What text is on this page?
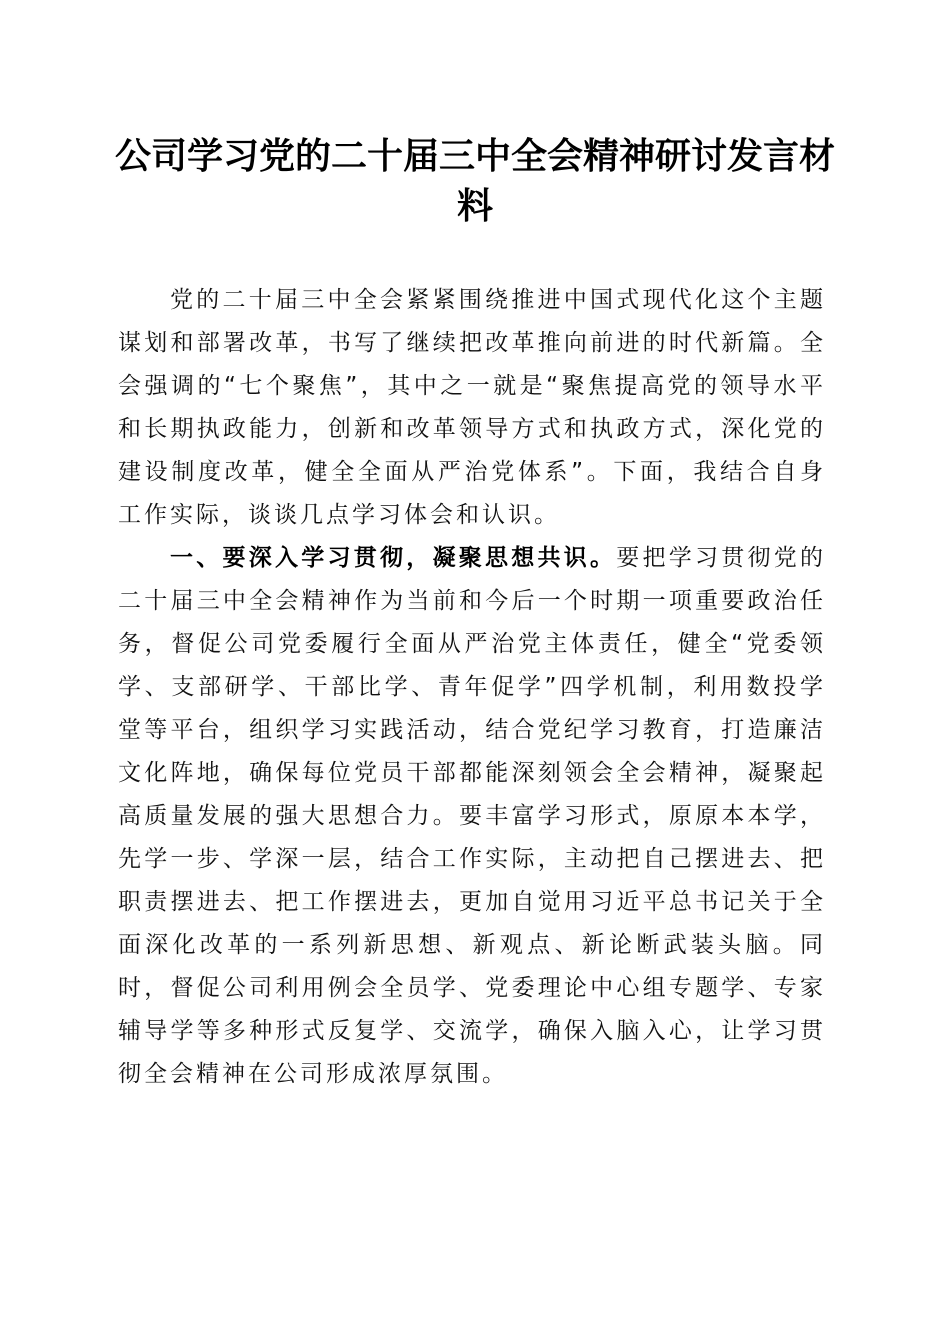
公司学习党的二十届三中全会精神研讨发言材料

党的二十届三中全会紧紧围绕推进中国式现代化这个主题谋划和部署改革，书写了继续把改革推向前进的时代新篇。全会强调的“七个聚焦”，其中之一就是“聚焦提高党的领导水平和长期执政能力，创新和改革领导方式和执政方式，深化党的建设制度改革，健全全面从严治党体系”。下面，我结合自身工作实际，谈谈几点学习体会和认识。

一、要深入学习贯彻，凝聚思想共识。要把学习贯彻党的二十届三中全会精神作为当前和今后一个时期一项重要政治任务，督促公司党委履行全面从严治党主体责任，健全“党委领学、支部研学、干部比学、青年促学”四学机制，利用数投学堂等平台，组织学习实践活动，结合党纪学习教育，打造廉洁文化阵地，确保每位党员干部都能深刻领会全会精神，凝聚起高质量发展的强大思想合力。要丰富学习形式，原原本本学，先学一步、学深一层，结合工作实际，主动把自己摆进去、把职责摆进去、把工作摆进去，更加自觉用习近平总书记关于全面深化改革的一系列新思想、新观点、新论断武装头脑。同时，督促公司利用例会全员学、党委理论中心组专题学、专家辅导学等多种形式反复学、交流学，确保入脑入心，让学习贯彻全会精神在公司形成浓厚氛围。
